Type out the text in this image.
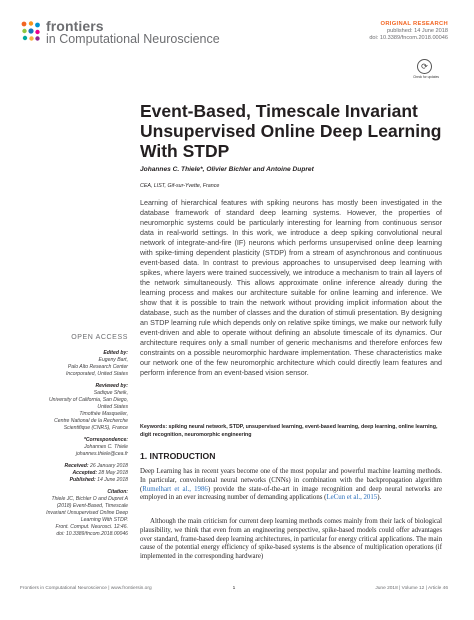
frontiers
in Computational Neuroscience
ORIGINAL RESEARCH
published: 14 June 2018
doi: 10.3389/fncom.2018.00046
⟳
Check for updates
Event-Based, Timescale Invariant Unsupervised Online Deep Learning With STDP
Johannes C. Thiele*, Olivier Bichler and Antoine Dupret
CEA, LIST, Gif-sur-Yvette, France

Learning of hierarchical features with spiking neurons has mostly been investigated in the database framework of standard deep learning systems. However, the properties of neuromorphic systems could be particularly interesting for learning from continuous sensor data in real-world settings. In this work, we introduce a deep spiking convolutional neural network of integrate-and-fire (IF) neurons which performs unsupervised online deep learning with spike-timing dependent plasticity (STDP) from a stream of asynchronous and continuous event-based data. In contrast to previous approaches to unsupervised deep learning with spikes, where layers were trained successively, we introduce a mechanism to train all layers of the network simultaneously. This allows approximate online inference already during the learning process and makes our architecture suitable for online learning and inference. We show that it is possible to train the network without providing implicit information about the database, such as the number of classes and the duration of stimuli presentation. By designing an STDP learning rule which depends only on relative spike timings, we make our network fully event-driven and able to operate without defining an absolute timescale of its dynamics. Our architecture requires only a small number of generic mechanisms and therefore enforces few constraints on a possible neuromorphic hardware implementation. These characteristics make our network one of the few neuromorphic architecture which could directly learn features and perform inference from an event-based vision sensor.

Keywords: spiking neural network, STDP, unsupervised learning, event-based learning, deep learning, online learning, digit recognition, neuromorphic engineering

OPEN ACCESS
Edited by:
Eugeny Bart,
Palo Alto Research Center
Incorporated, United States
Reviewed by:
Sadique Sheik,
University of California, San Diego,
United States
Timothée Masquelier,
Centre National de la Recherche
Scientifique (CNRS), France
*Correspondence:
Johannes C. Thiele
johannes.thiele@cea.fr
Received: 26 January 2018
Accepted: 28 May 2018
Published: 14 June 2018
Citation:
Thiele JC, Bichler O and Dupret A
(2018) Event-Based, Timescale
Invariant Unsupervised Online Deep
Learning With STDP.
Front. Comput. Neurosci. 12:46.
doi: 10.3389/fncom.2018.00046
1. INTRODUCTION

Deep Learning has in recent years become one of the most popular and powerful machine learning methods. In particular, convolutional neural networks (CNNs) in combination with the backpropagation algorithm (Rumelhart et al., 1986) provide the state-of-the-art in image recognition and deep neural networks are employed in an ever increasing number of demanding applications (LeCun et al., 2015).

Although the main criticism for current deep learning methods comes mainly from their lack of biological plausibility, we think that even from an engineering perspective, spike-based models could offer advantages over standard, frame-based deep learning architectures, in particular for energy critical applications. The main cause of the potential energy efficiency of spike-based systems is the absence of multiplication operations (if implemented in the corresponding hardware)

Frontiers in Computational Neuroscience | www.frontiersin.org	1	June 2018 | Volume 12 | Article 46
